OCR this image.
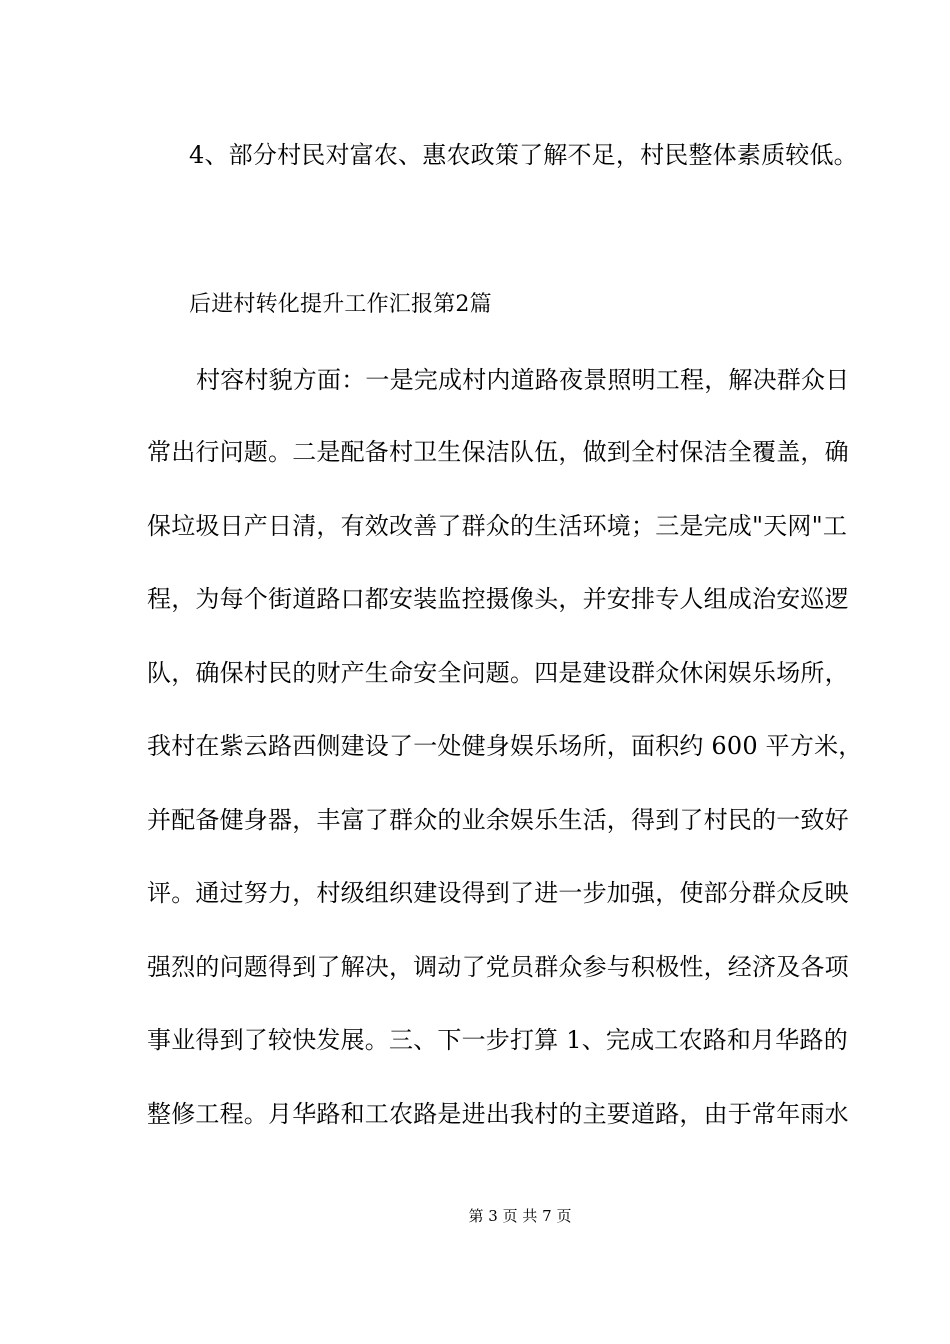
4、部分村民对富农、惠农政策了解不足，村民整体素质较低。
后进村转化提升工作汇报第2篇
村容村貌方面：一是完成村内道路夜景照明工程，解决群众日
常出行问题。二是配备村卫生保洁队伍，做到全村保洁全覆盖，确
保垃圾日产日清，有效改善了群众的生活环境；三是完成"天网"工
程，为每个街道路口都安装监控摄像头，并安排专人组成治安巡逻
队，确保村民的财产生命安全问题。四是建设群众休闲娱乐场所，
我村在紫云路西侧建设了一处健身娱乐场所，面积约 600 平方米，
并配备健身器，丰富了群众的业余娱乐生活，得到了村民的一致好
评。通过努力，村级组织建设得到了进一步加强，使部分群众反映
强烈的问题得到了解决，调动了党员群众参与积极性，经济及各项
事业得到了较快发展。三、下一步打算 1、完成工农路和月华路的
整修工程。月华路和工农路是进出我村的主要道路，由于常年雨水
第 3 页 共 7 页
